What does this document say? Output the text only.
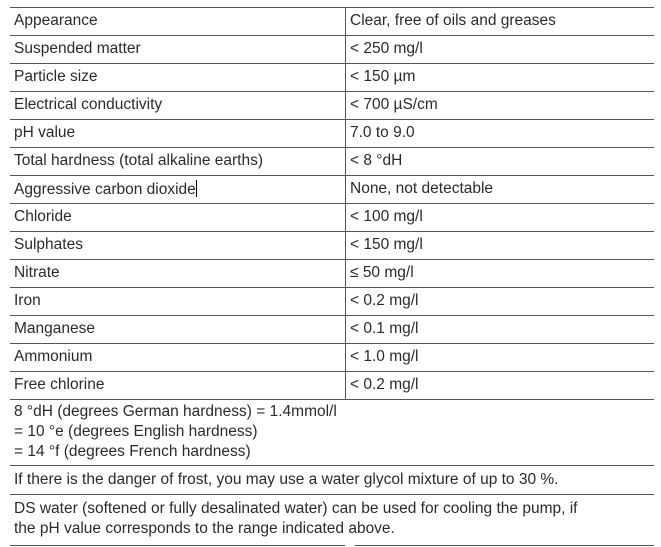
Appearance	Clear, free of oils and greases
Suspended matter	< 250 mg/l
Particle size	< 150 µm
Electrical conductivity	< 700 µS/cm
pH value	7.0 to 9.0
Total hardness (total alkaline earths)	< 8 °dH
Aggressive carbon dioxide	None, not detectable
Chloride	< 100 mg/l
Sulphates	< 150 mg/l
Nitrate	≤ 50 mg/l
Iron	< 0.2 mg/l
Manganese	< 0.1 mg/l
Ammonium	< 1.0 mg/l
Free chlorine	< 0.2 mg/l
8 °dH (degrees German hardness) = 1.4mmol/l
= 10 °e (degrees English hardness)
= 14 °f (degrees French hardness)
If there is the danger of frost, you may use a water glycol mixture of up to 30 %.
DS water (softened or fully desalinated water) can be used for cooling the pump, if
the pH value corresponds to the range indicated above.
